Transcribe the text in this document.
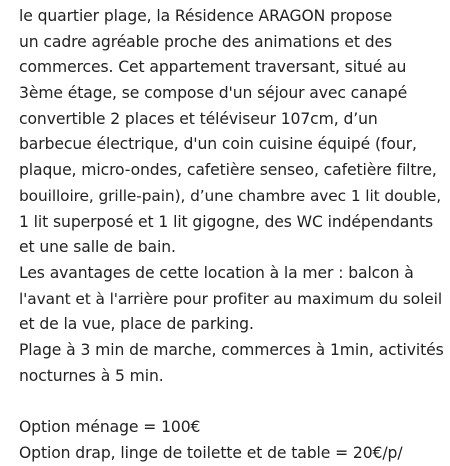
le quartier plage, la Résidence ARAGON propose
un cadre agréable proche des animations et des
commerces. Cet appartement traversant, situé au
3ème étage, se compose d'un séjour avec canapé
convertible 2 places et téléviseur 107cm, d’un
barbecue électrique, d'un coin cuisine équipé (four,
plaque, micro-ondes, cafetière senseo, cafetière filtre,
bouilloire, grille-pain), d’une chambre avec 1 lit double,
1 lit superposé et 1 lit gigogne, des WC indépendants
et une salle de bain.
Les avantages de cette location à la mer : balcon à
l'avant et à l'arrière pour profiter au maximum du soleil
et de la vue, place de parking.
Plage à 3 min de marche, commerces à 1min, activités
nocturnes à 5 min.
Option ménage = 100€
Option drap, linge de toilette et de table = 20€/p/
